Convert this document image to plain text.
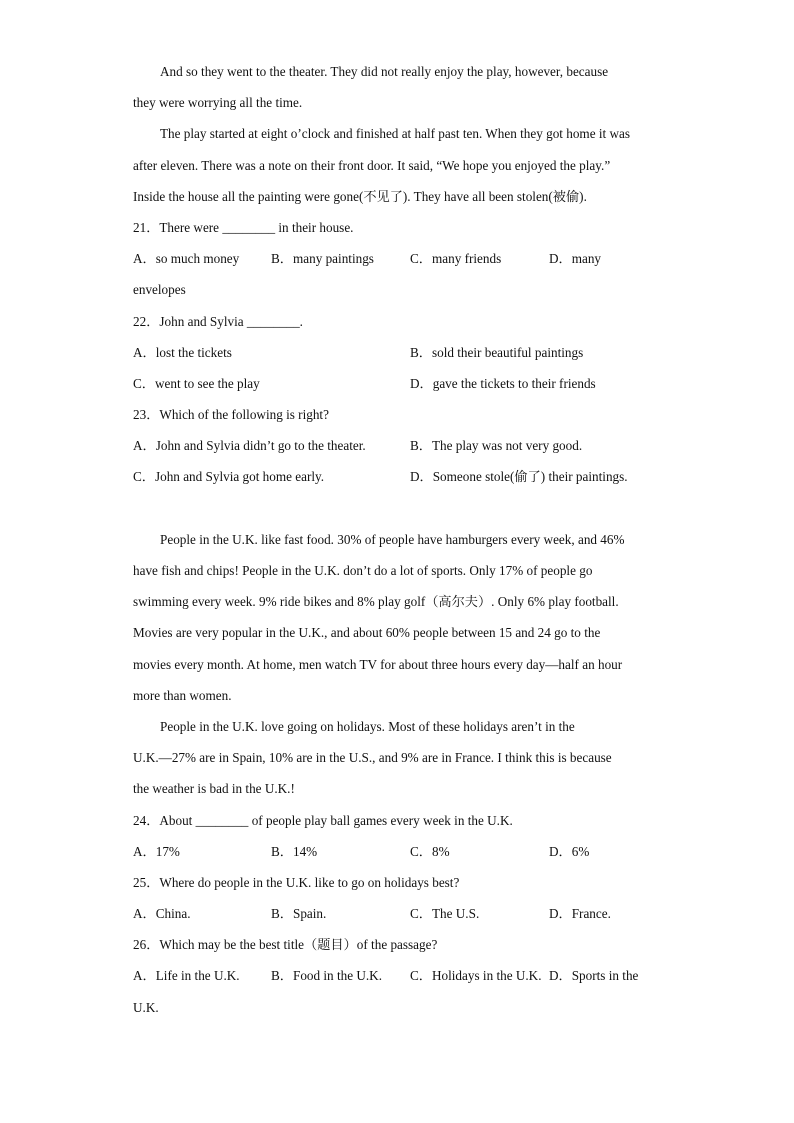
And so they went to the theater. They did not really enjoy the play, however, because
they were worrying all the time.
The play started at eight o’clock and finished at half past ten. When they got home it was
after eleven. There was a note on their front door. It said, “We hope you enjoyed the play.”
Inside the house all the painting were gone(不见了). They have all been stolen(被偷).
21．There were ________ in their house.
A．so much money B．many paintings	C．many friends	D．many envelopes
22．John and Sylvia ________.
A．lost the tickets	B．sold their beautiful paintings
C．went to see the play	D．gave the tickets to their friends
23．Which of the following is right?
A．John and Sylvia didn’t go to the theater.	B．The play was not very good.
C．John and Sylvia got home early.	D．Someone stole(偷了) their paintings.
People in the U.K. like fast food. 30% of people have hamburgers every week, and 46%
have fish and chips! People in the U.K. don’t do a lot of sports. Only 17% of people go
swimming every week. 9% ride bikes and 8% play golf（高尔夫）. Only 6% play football.
Movies are very popular in the U.K., and about 60% people between 15 and 24 go to the
movies every month. At home, men watch TV for about three hours every day—half an hour
more than women.
People in the U.K. love going on holidays. Most of these holidays aren’t in the
U.K.—27% are in Spain, 10% are in the U.S., and 9% are in France. I think this is because
the weather is bad in the U.K.!
24．About ________ of people play ball games every week in the U.K.
A．17%	B．14%	C．8%	D．6%
25．Where do people in the U.K. like to go on holidays best?
A．China.	B．Spain.	C．The U.S.	D．France.
26．Which may be the best title（题目）of the passage?
A．Life in the U.K. B．Food in the U.K. C．Holidays in the U.K. D．Sports in the U.K.
